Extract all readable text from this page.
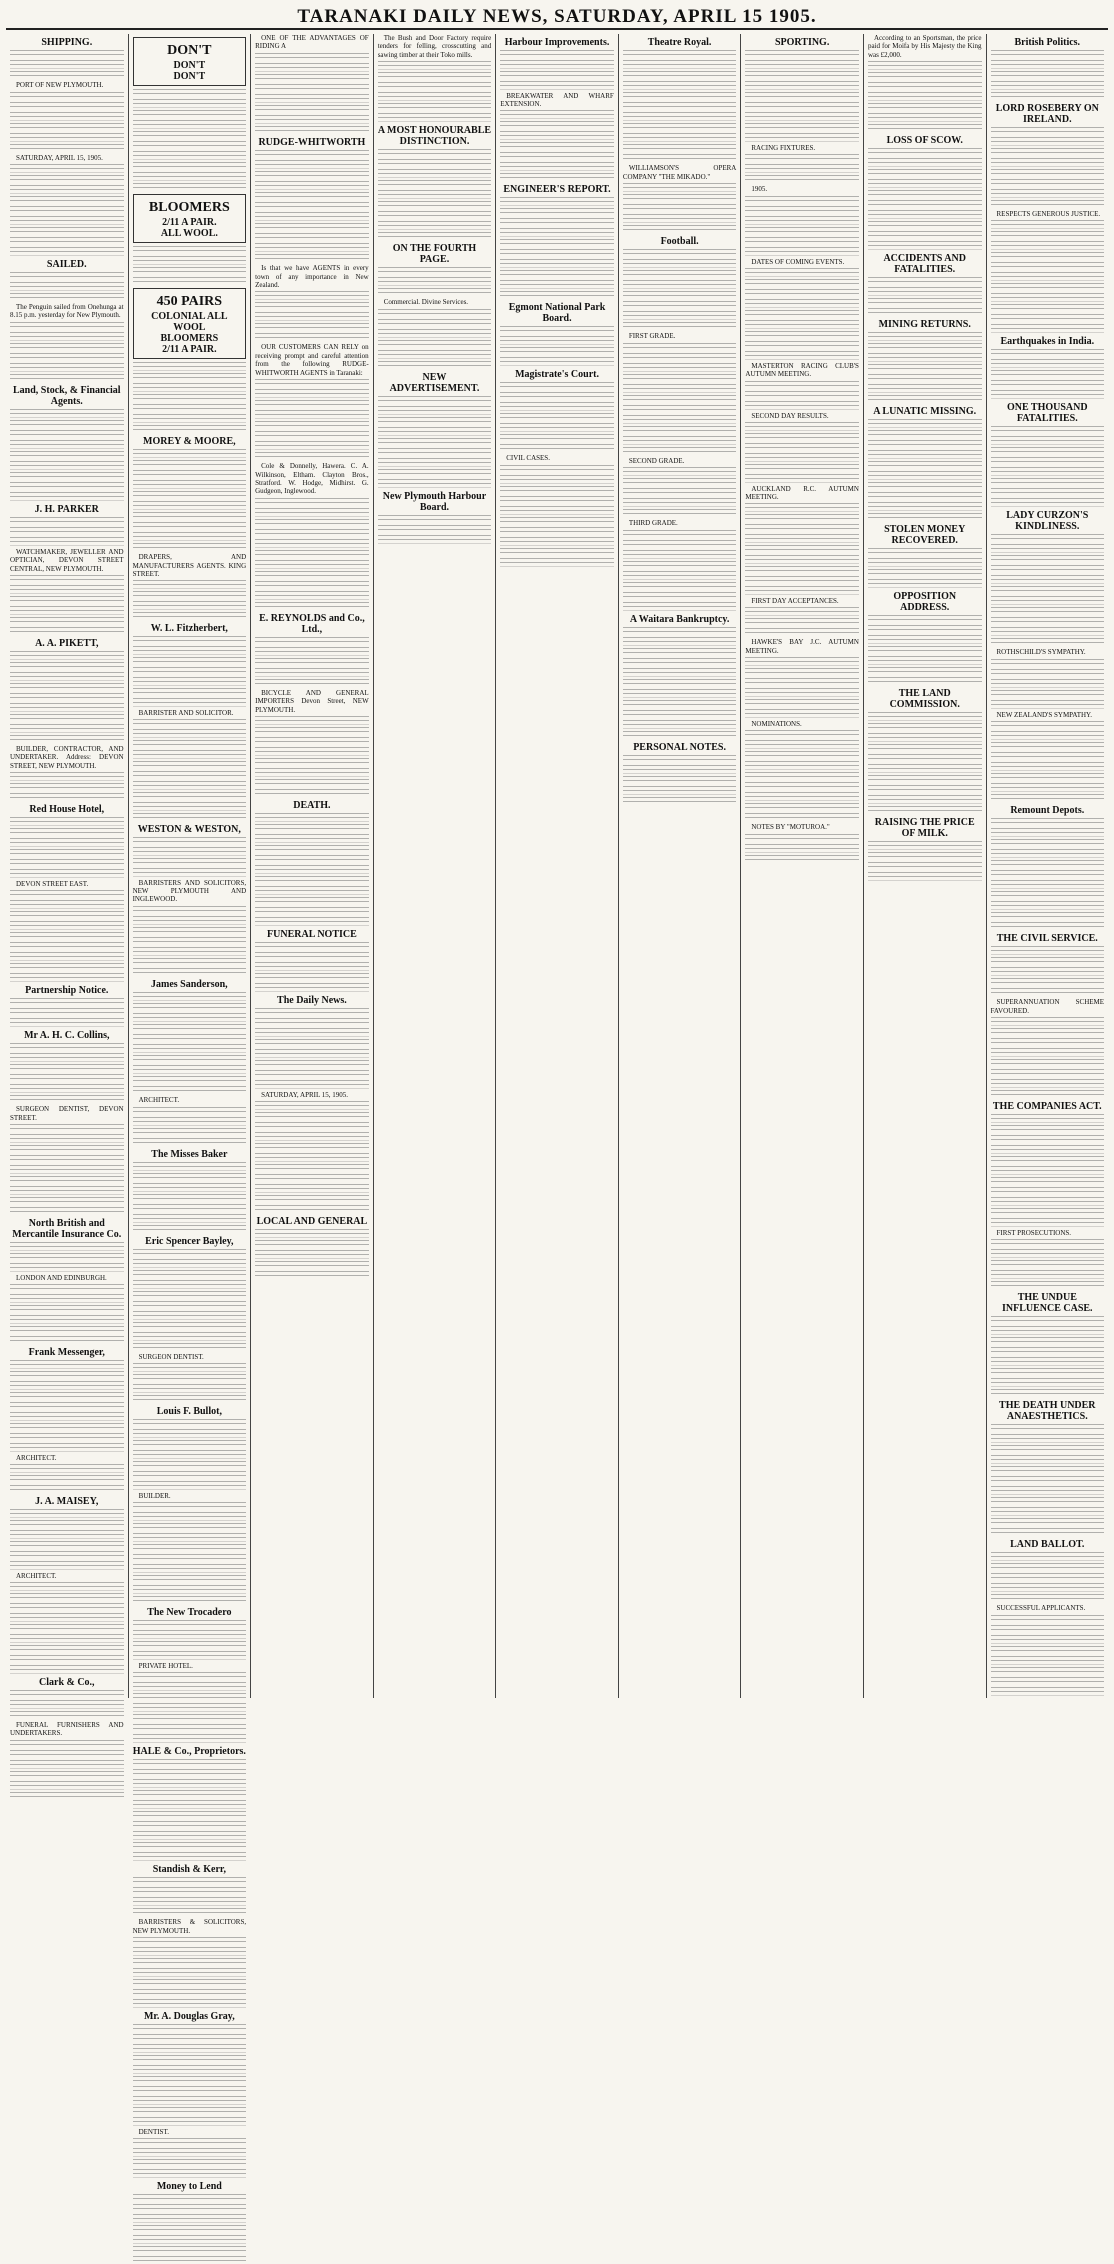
TARANAKI DAILY NEWS, SATURDAY, APRIL 15 1905.
SHIPPING.

PORT OF NEW PLYMOUTH.

SATURDAY, APRIL 15, 1905.

SAILED.

The Penguin sailed from Onehunga at 8.15 p.m. yesterday for New Plymouth.

Land, Stock, & Financial Agents.
J. H. PARKER

WATCHMAKER, JEWELLER AND OPTICIAN, DEVON STREET CENTRAL, NEW PLYMOUTH.

A. A. PIKETT,

BUILDER, CONTRACTOR, AND UNDERTAKER. Address: DEVON STREET, NEW PLYMOUTH.

Red House Hotel,

DEVON STREET EAST.

Partnership Notice.
Mr A. H. C. Collins,

SURGEON DENTIST, DEVON STREET.

North British and Mercantile Insurance Co.

LONDON AND EDINBURGH.

Frank Messenger,

ARCHITECT.

J. A. MAISEY,

ARCHITECT.

Clark & Co.,

FUNERAL FURNISHERS AND UNDERTAKERS.

DON'T
DON'T
DON'T
BLOOMERS
2/11 A PAIR.
ALL WOOL.
450 PAIRS
COLONIAL ALL WOOL
BLOOMERS
2/11 A PAIR.
MOREY & MOORE,

DRAPERS, AND MANUFACTURERS AGENTS. KING STREET.

W. L. Fitzherbert,

BARRISTER AND SOLICITOR.

WESTON & WESTON,

BARRISTERS AND SOLICITORS, NEW PLYMOUTH AND INGLEWOOD.

James Sanderson,

ARCHITECT.

The Misses Baker
Eric Spencer Bayley,

SURGEON DENTIST.

Louis F. Bullot,

BUILDER.

The New Trocadero

PRIVATE HOTEL.

HALE & Co., Proprietors.
Standish & Kerr,

BARRISTERS & SOLICITORS, NEW PLYMOUTH.

Mr. A. Douglas Gray,

DENTIST.

Money to Lend

ONE OF THE ADVANTAGES OF RIDING A

RUDGE-WHITWORTH

Is that we have AGENTS in every town of any importance in New Zealand.

OUR CUSTOMERS CAN RELY on receiving prompt and careful attention from the following RUDGE-WHITWORTH AGENTS in Taranaki:

Cole & Donnelly, Hawera. C. A. Wilkinson, Eltham. Clayton Bros., Stratford. W. Hodge, Midhirst. G. Gudgeon, Inglewood.

E. REYNOLDS and Co., Ltd.,

BICYCLE AND GENERAL IMPORTERS Devon Street, NEW PLYMOUTH.

DEATH.
FUNERAL NOTICE
The Daily News.

SATURDAY, APRIL 15, 1905.

LOCAL AND GENERAL

The Bush and Door Factory require tenders for felling, crosscutting and sawing timber at their Toko mills.

A MOST HONOURABLE DISTINCTION.
ON THE FOURTH PAGE.

Commercial. Divine Services.

NEW ADVERTISEMENT.
New Plymouth Harbour Board.
Harbour Improvements.

BREAKWATER AND WHARF EXTENSION.

ENGINEER'S REPORT.
Egmont National Park Board.
Magistrate's Court.

CIVIL CASES.

Theatre Royal.

WILLIAMSON'S OPERA COMPANY "THE MIKADO."

Football.

FIRST GRADE.

SECOND GRADE.

THIRD GRADE.

A Waitara Bankruptcy.
PERSONAL NOTES.
SPORTING.

RACING FIXTURES.

1905.

DATES OF COMING EVENTS.

MASTERTON RACING CLUB'S AUTUMN MEETING.

SECOND DAY RESULTS.

AUCKLAND R.C. AUTUMN MEETING.

FIRST DAY ACCEPTANCES.

HAWKE'S BAY J.C. AUTUMN MEETING.

NOMINATIONS.

NOTES BY "MOTUROA."

According to an Sportsman, the price paid for Moifa by His Majesty the King was £2,000.

LOSS OF SCOW.
ACCIDENTS AND FATALITIES.
MINING RETURNS.
A LUNATIC MISSING.
STOLEN MONEY RECOVERED.
OPPOSITION ADDRESS.
THE LAND COMMISSION.
RAISING THE PRICE OF MILK.
British Politics.
LORD ROSEBERY ON IRELAND.

RESPECTS GENEROUS JUSTICE.

Earthquakes in India.
ONE THOUSAND FATALITIES.
LADY CURZON'S KINDLINESS.

ROTHSCHILD'S SYMPATHY.

NEW ZEALAND'S SYMPATHY.

Remount Depots.
THE CIVIL SERVICE.

SUPERANNUATION SCHEME FAVOURED.

THE COMPANIES ACT.

FIRST PROSECUTIONS.

THE UNDUE INFLUENCE CASE.
THE DEATH UNDER ANAESTHETICS.
LAND BALLOT.

SUCCESSFUL APPLICANTS.
